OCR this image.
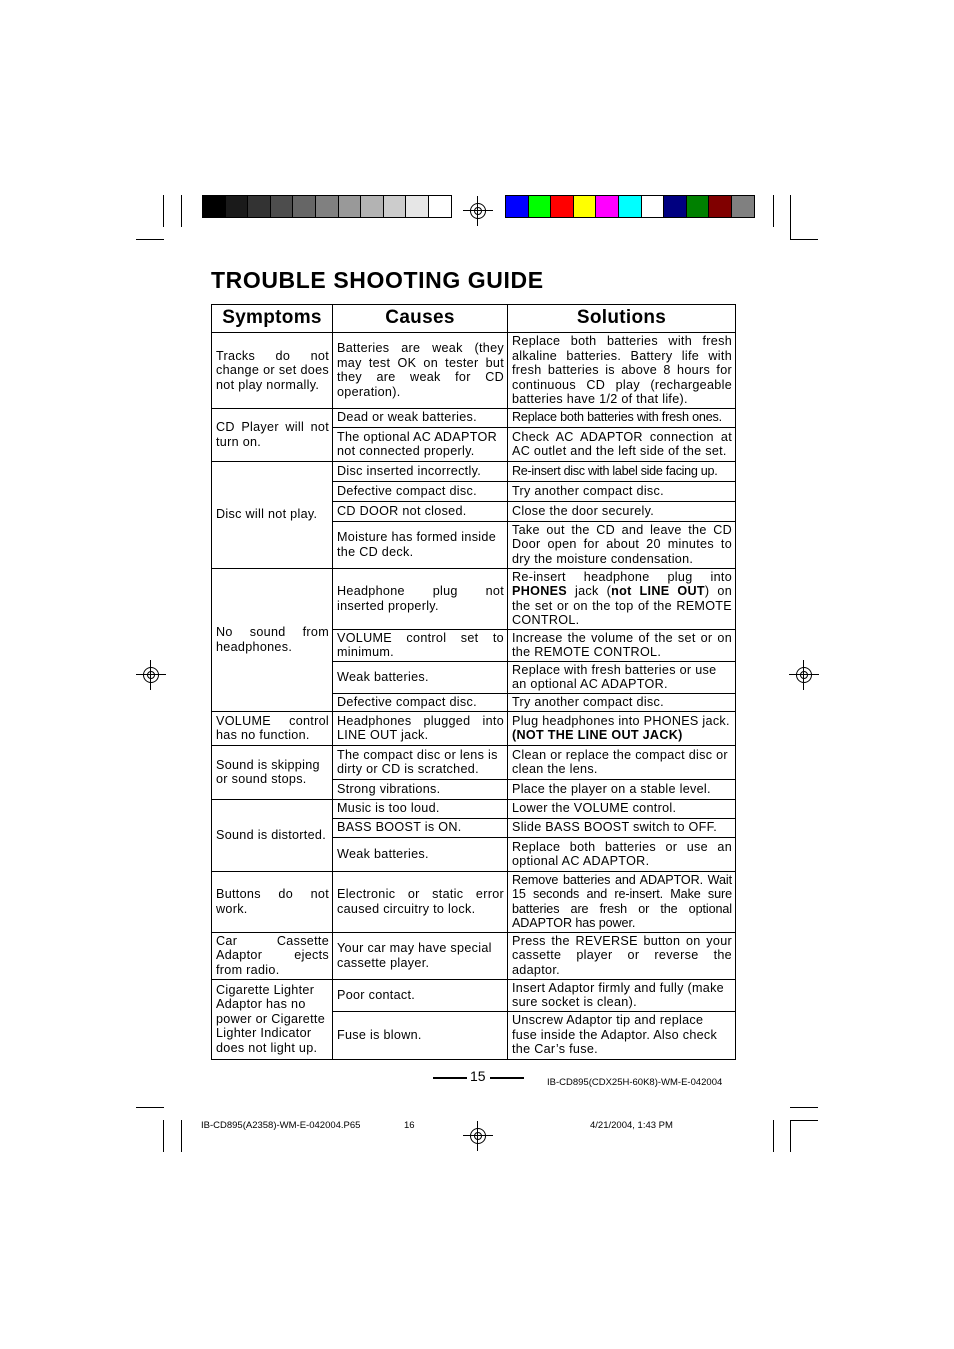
TROUBLE SHOOTING GUIDE
Symptoms	Causes	Solutions
Tracks do not change or set does not play normally.	Batteries are weak (they may test OK on tester but they are weak for CD operation).	Replace both batteries with fresh alkaline batteries. Battery life with fresh batteries is above 8 hours for continuous CD play (rechargeable batteries have 1/2 of that life).
CD Player will not turn on.	Dead or weak batteries.	Replace both batteries with fresh ones.
	The optional AC ADAPTOR not connected properly.	Check AC ADAPTOR connection at AC outlet and the left side of the set.
Disc will not play.	Disc inserted incorrectly.	Re-insert disc with label side facing up.
	Defective compact disc.	Try another compact disc.
	CD DOOR not closed.	Close the door securely.
	Moisture has formed inside the CD deck.	Take out the CD and leave the CD Door open for about 20 minutes to dry the moisture condensation.
No sound from headphones.	Headphone plug not inserted properly.	Re-insert headphone plug into PHONES jack (not LINE OUT) on the set or on the top of the REMOTE CONTROL.
	VOLUME control set to minimum.	Increase the volume of the set or on the REMOTE CONTROL.
	Weak batteries.	Replace with fresh batteries or use an optional AC ADAPTOR.
	Defective compact disc.	Try another compact disc.
VOLUME control has no function.	Headphones plugged into LINE OUT jack.	Plug headphones into PHONES jack.
(NOT THE LINE OUT JACK)
Sound is skipping or sound stops.	The compact disc or lens is dirty or CD is scratched.	Clean or replace the compact disc or clean the lens.
	Strong vibrations.	Place the player on a stable level.
Sound is distorted.	Music is too loud.	Lower the VOLUME control.
	BASS BOOST is ON.	Slide BASS BOOST switch to OFF.
	Weak batteries.	Replace both batteries or use an optional AC ADAPTOR.
Buttons do not work.	Electronic or static error caused circuitry to lock.	Remove batteries and ADAPTOR. Wait 15 seconds and re-insert. Make sure batteries are fresh or the optional ADAPTOR has power.
Car Cassette Adaptor ejects from radio.	Your car may have special cassette player.	Press the REVERSE button on your cassette player or reverse the adaptor.
Cigarette Lighter Adaptor has no power or Cigarette Lighter Indicator does not light up.	Poor contact.	Insert Adaptor firmly and fully (make sure socket is clean).
	Fuse is blown.	Unscrew Adaptor tip and replace fuse inside the Adaptor. Also check the Car’s fuse.
15	IB-CD895(CDX25H-60K8)-WM-E-042004
IB-CD895(A2358)-WM-E-042004.P65	16	4/21/2004, 1:43 PM
